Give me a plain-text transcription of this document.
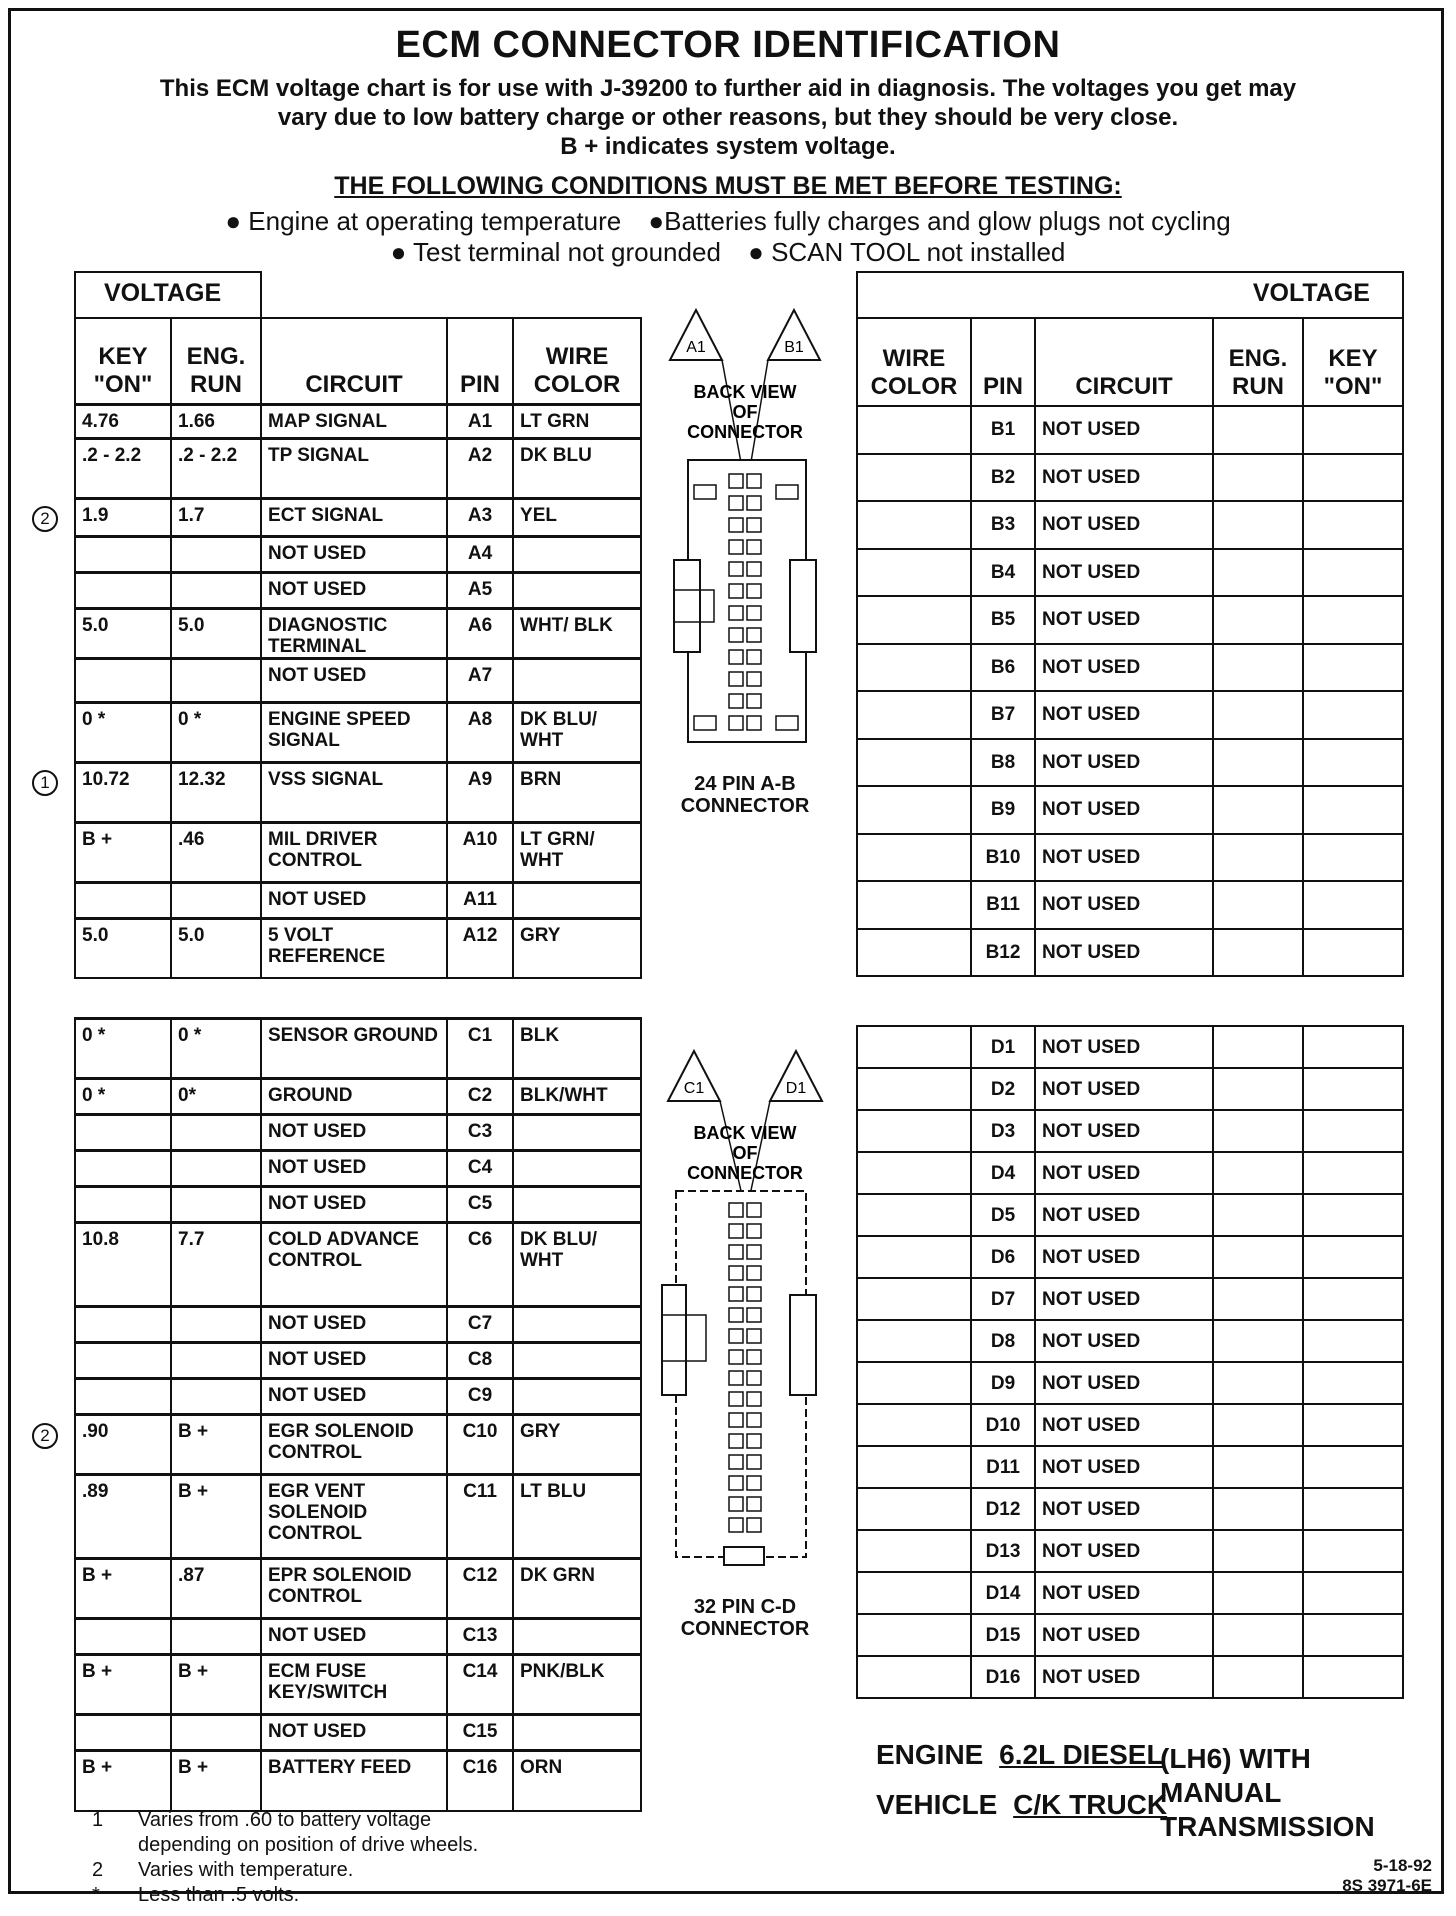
ECM CONNECTOR IDENTIFICATION
This ECM voltage chart is for use with J-39200 to further aid in diagnosis. The voltages you get may
vary due to low battery charge or other reasons, but they should be very close.
B + indicates system voltage.
THE FOLLOWING CONDITIONS MUST BE MET BEFORE TESTING:
● Engine at operating temperature ●Batteries fully charges and glow plugs not cycling
● Test terminal not grounded ● SCAN TOOL not installed
VOLTAGE				
KEY "ON"	ENG. RUN	CIRCUIT	PIN	WIRE COLOR
4.76	1.66	MAP SIGNAL	A1	LT GRN
.2 - 2.2	.2 - 2.2	TP SIGNAL	A2	DK BLU
1.9	1.7	ECT SIGNAL	A3	YEL
		NOT USED	A4	
		NOT USED	A5	
5.0	5.0	DIAGNOSTIC TERMINAL	A6	WHT/ BLK
		NOT USED	A7	
0 *	0 *	ENGINE SPEED SIGNAL	A8	DK BLU/ WHT
10.72	12.32	VSS SIGNAL	A9	BRN
B +	.46	MIL DRIVER CONTROL	A10	LT GRN/ WHT
		NOT USED	A11	
5.0	5.0	5 VOLT REFERENCE	A12	GRY
0 *	0 *	SENSOR GROUND	C1	BLK
0 *	0*	GROUND	C2	BLK/WHT
		NOT USED	C3	
		NOT USED	C4	
		NOT USED	C5	
10.8	7.7	COLD ADVANCE CONTROL	C6	DK BLU/ WHT
		NOT USED	C7	
		NOT USED	C8	
		NOT USED	C9	
.90	B +	EGR SOLENOID CONTROL	C10	GRY
.89	B +	EGR VENT SOLENOID CONTROL	C11	LT BLU
B +	.87	EPR SOLENOID CONTROL	C12	DK GRN
		NOT USED	C13	
B +	B +	ECM FUSE KEY/SWITCH	C14	PNK/BLK
		NOT USED	C15	
B +	B +	BATTERY FEED	C16	ORN
VOLTAGE				
WIRE COLOR	PIN	CIRCUIT	ENG. RUN	KEY "ON"
	B1	NOT USED		
	B2	NOT USED		
	B3	NOT USED		
	B4	NOT USED		
	B5	NOT USED		
	B6	NOT USED		
	B7	NOT USED		
	B8	NOT USED		
	B9	NOT USED		
	B10	NOT USED		
	B11	NOT USED		
	B12	NOT USED		
	D1	NOT USED		
	D2	NOT USED		
	D3	NOT USED		
	D4	NOT USED		
	D5	NOT USED		
	D6	NOT USED		
	D7	NOT USED		
	D8	NOT USED		
	D9	NOT USED		
	D10	NOT USED		
	D11	NOT USED		
	D12	NOT USED		
	D13	NOT USED		
	D14	NOT USED		
	D15	NOT USED		
	D16	NOT USED		
2
1
2
A1	B1
BACK VIEW
OF
CONNECTOR
24 PIN A-B
CONNECTOR
C1	D1
BACK VIEW
OF
CONNECTOR
32 PIN C-D
CONNECTOR
ENGINE 6.2L DIESEL
VEHICLE C/K TRUCK
(LH6) WITH
MANUAL
TRANSMISSION
1	Varies from .60 to battery voltage
depending on position of drive wheels.
2	Varies with temperature.
*	Less than .5 volts.
5-18-92
8S 3971-6E
